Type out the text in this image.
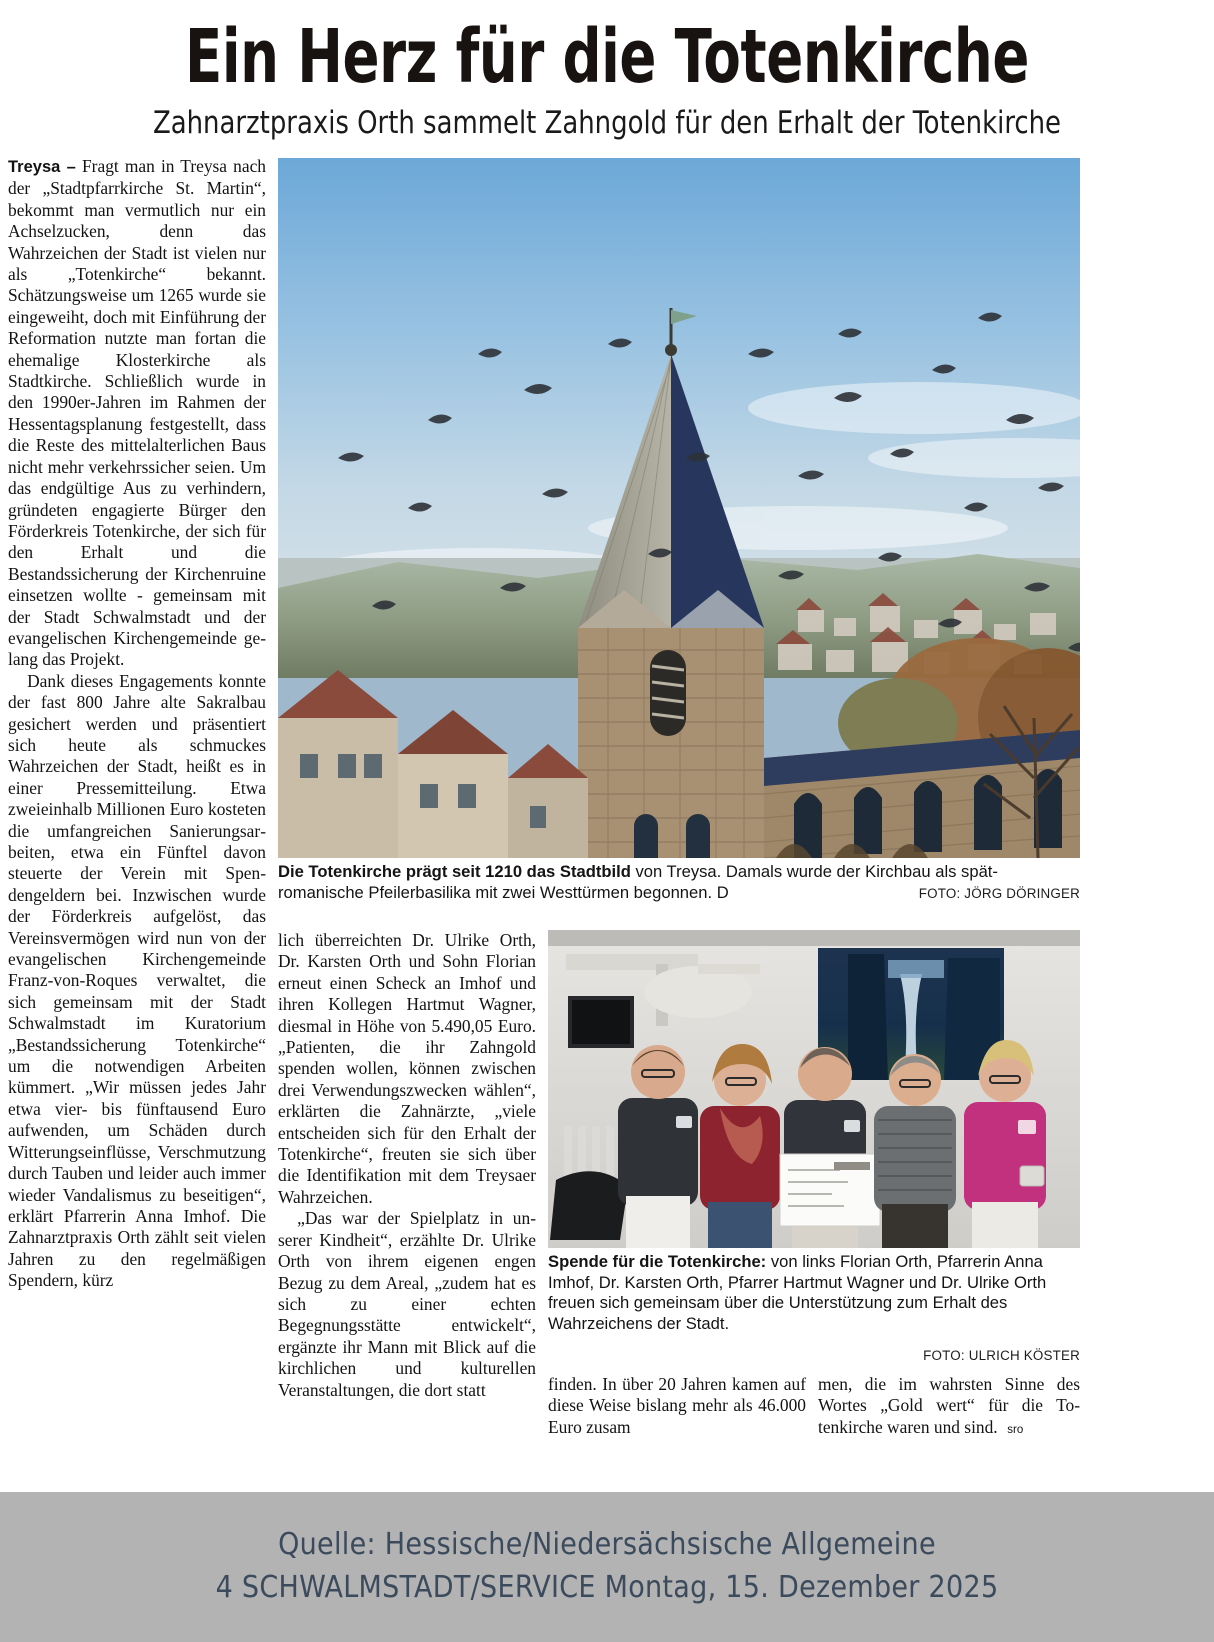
Ein Herz für die Totenkirche
Zahnarztpraxis Orth sammelt Zahngold für den Erhalt der Totenkirche
Die Totenkirche prägt seit 1210 das Stadtbild von Treysa. Damals wurde der Kirchbau als spät-
romanische Pfeilerbasilika mit zwei Westtürmen begonnen. D	FOTO: JÖRG DÖRINGER
Spende für die Totenkirche: von links Florian Orth, Pfarrerin Anna Imhof, Dr. Karsten Orth, Pfarrer Hartmut Wagner und Dr. Ulrike Orth freuen sich gemeinsam über die Unterstützung zum Erhalt des Wahrzeichens der Stadt.
FOTO: ULRICH KÖSTER

Treysa – Fragt man in Treysa nach der „Stadtpfarrkirche St. Martin“, bekommt man vermutlich nur ein Achselzucken, denn das Wahrzeichen der Stadt ist vielen nur als „Totenkirche“ bekannt. Schätzungsweise um 1265 wurde sie eingeweiht, doch mit Einführung der Reformation nutzte man fortan die ehemalige Klosterkirche als Stadtkirche. Schließlich wurde in den 1990er-Jahren im Rahmen der Hessentagsplanung festgestellt, dass die Reste des mittelalterlichen Baus nicht mehr verkehrssicher seien. Um das endgültige Aus zu verhindern, gründeten engagierte Bürger den Förderkreis Totenkirche, der sich für den Erhalt und die Bestandssicherung der Kirchenruine einsetzen wollte - gemeinsam mit der Stadt Schwalmstadt und der evangelischen Kirchengemeinde gelang das Projekt.

Dank dieses Engagements konnte der fast 800 Jahre alte Sakralbau gesichert werden und präsentiert sich heute als schmuckes Wahrzeichen der Stadt, heißt es in einer Pressemitteilung. Etwa zweieinhalb Millionen Euro kosteten die umfangreichen Sanierungsarbeiten, etwa ein Fünftel davon steuerte der Verein mit Spendengeldern bei. Inzwischen wurde der Förderkreis aufgelöst, das Vereinsvermögen wird nun von der evangelischen Kirchengemeinde Franz-von-Roques verwaltet, die sich gemeinsam mit der Stadt Schwalmstadt im Kuratorium „Bestandssicherung Totenkirche“ um die notwendigen Arbeiten kümmert. „Wir müssen jedes Jahr etwa vier- bis fünftausend Euro aufwenden, um Schäden durch Witterungseinflüsse, Verschmutzung durch Tauben und leider auch immer wieder Vandalismus zu beseitigen“, erklärt Pfarrerin Anna Imhof. Die Zahnarztpraxis Orth zählt seit vielen Jahren zu den regelmäßigen Spendern, kürz

lich überreichten Dr. Ulrike Orth, Dr. Karsten Orth und Sohn Florian erneut einen Scheck an Imhof und ihren Kollegen Hartmut Wagner, diesmal in Höhe von 5.490,05 Euro. „Patienten, die ihr Zahngold spenden wollen, können zwischen drei Verwendungszwecken wählen“, erklärten die Zahnärzte, „viele entscheiden sich für den Erhalt der Totenkirche“, freuten sie sich über die Identifikation mit dem Treysaer Wahrzeichen.

„Das war der Spielplatz in unserer Kindheit“, erzählte Dr. Ulrike Orth von ihrem eigenen engen Bezug zu dem Areal, „zudem hat es sich zu einer echten Begegnungsstätte entwickelt“, ergänzte ihr Mann mit Blick auf die kirchlichen und kulturellen Veranstaltungen, die dort statt	finden. In über 20 Jahren kamen auf diese Weise bislang mehr als 46.000 Euro zusam

men, die im wahrsten Sinne des Wortes „Gold wert“ für die Totenkirche waren und sind. sro

Quelle: Hessische/Niedersächsische Allgemeine
4 SCHWALMSTADT/SERVICE Montag, 15. Dezember 2025
